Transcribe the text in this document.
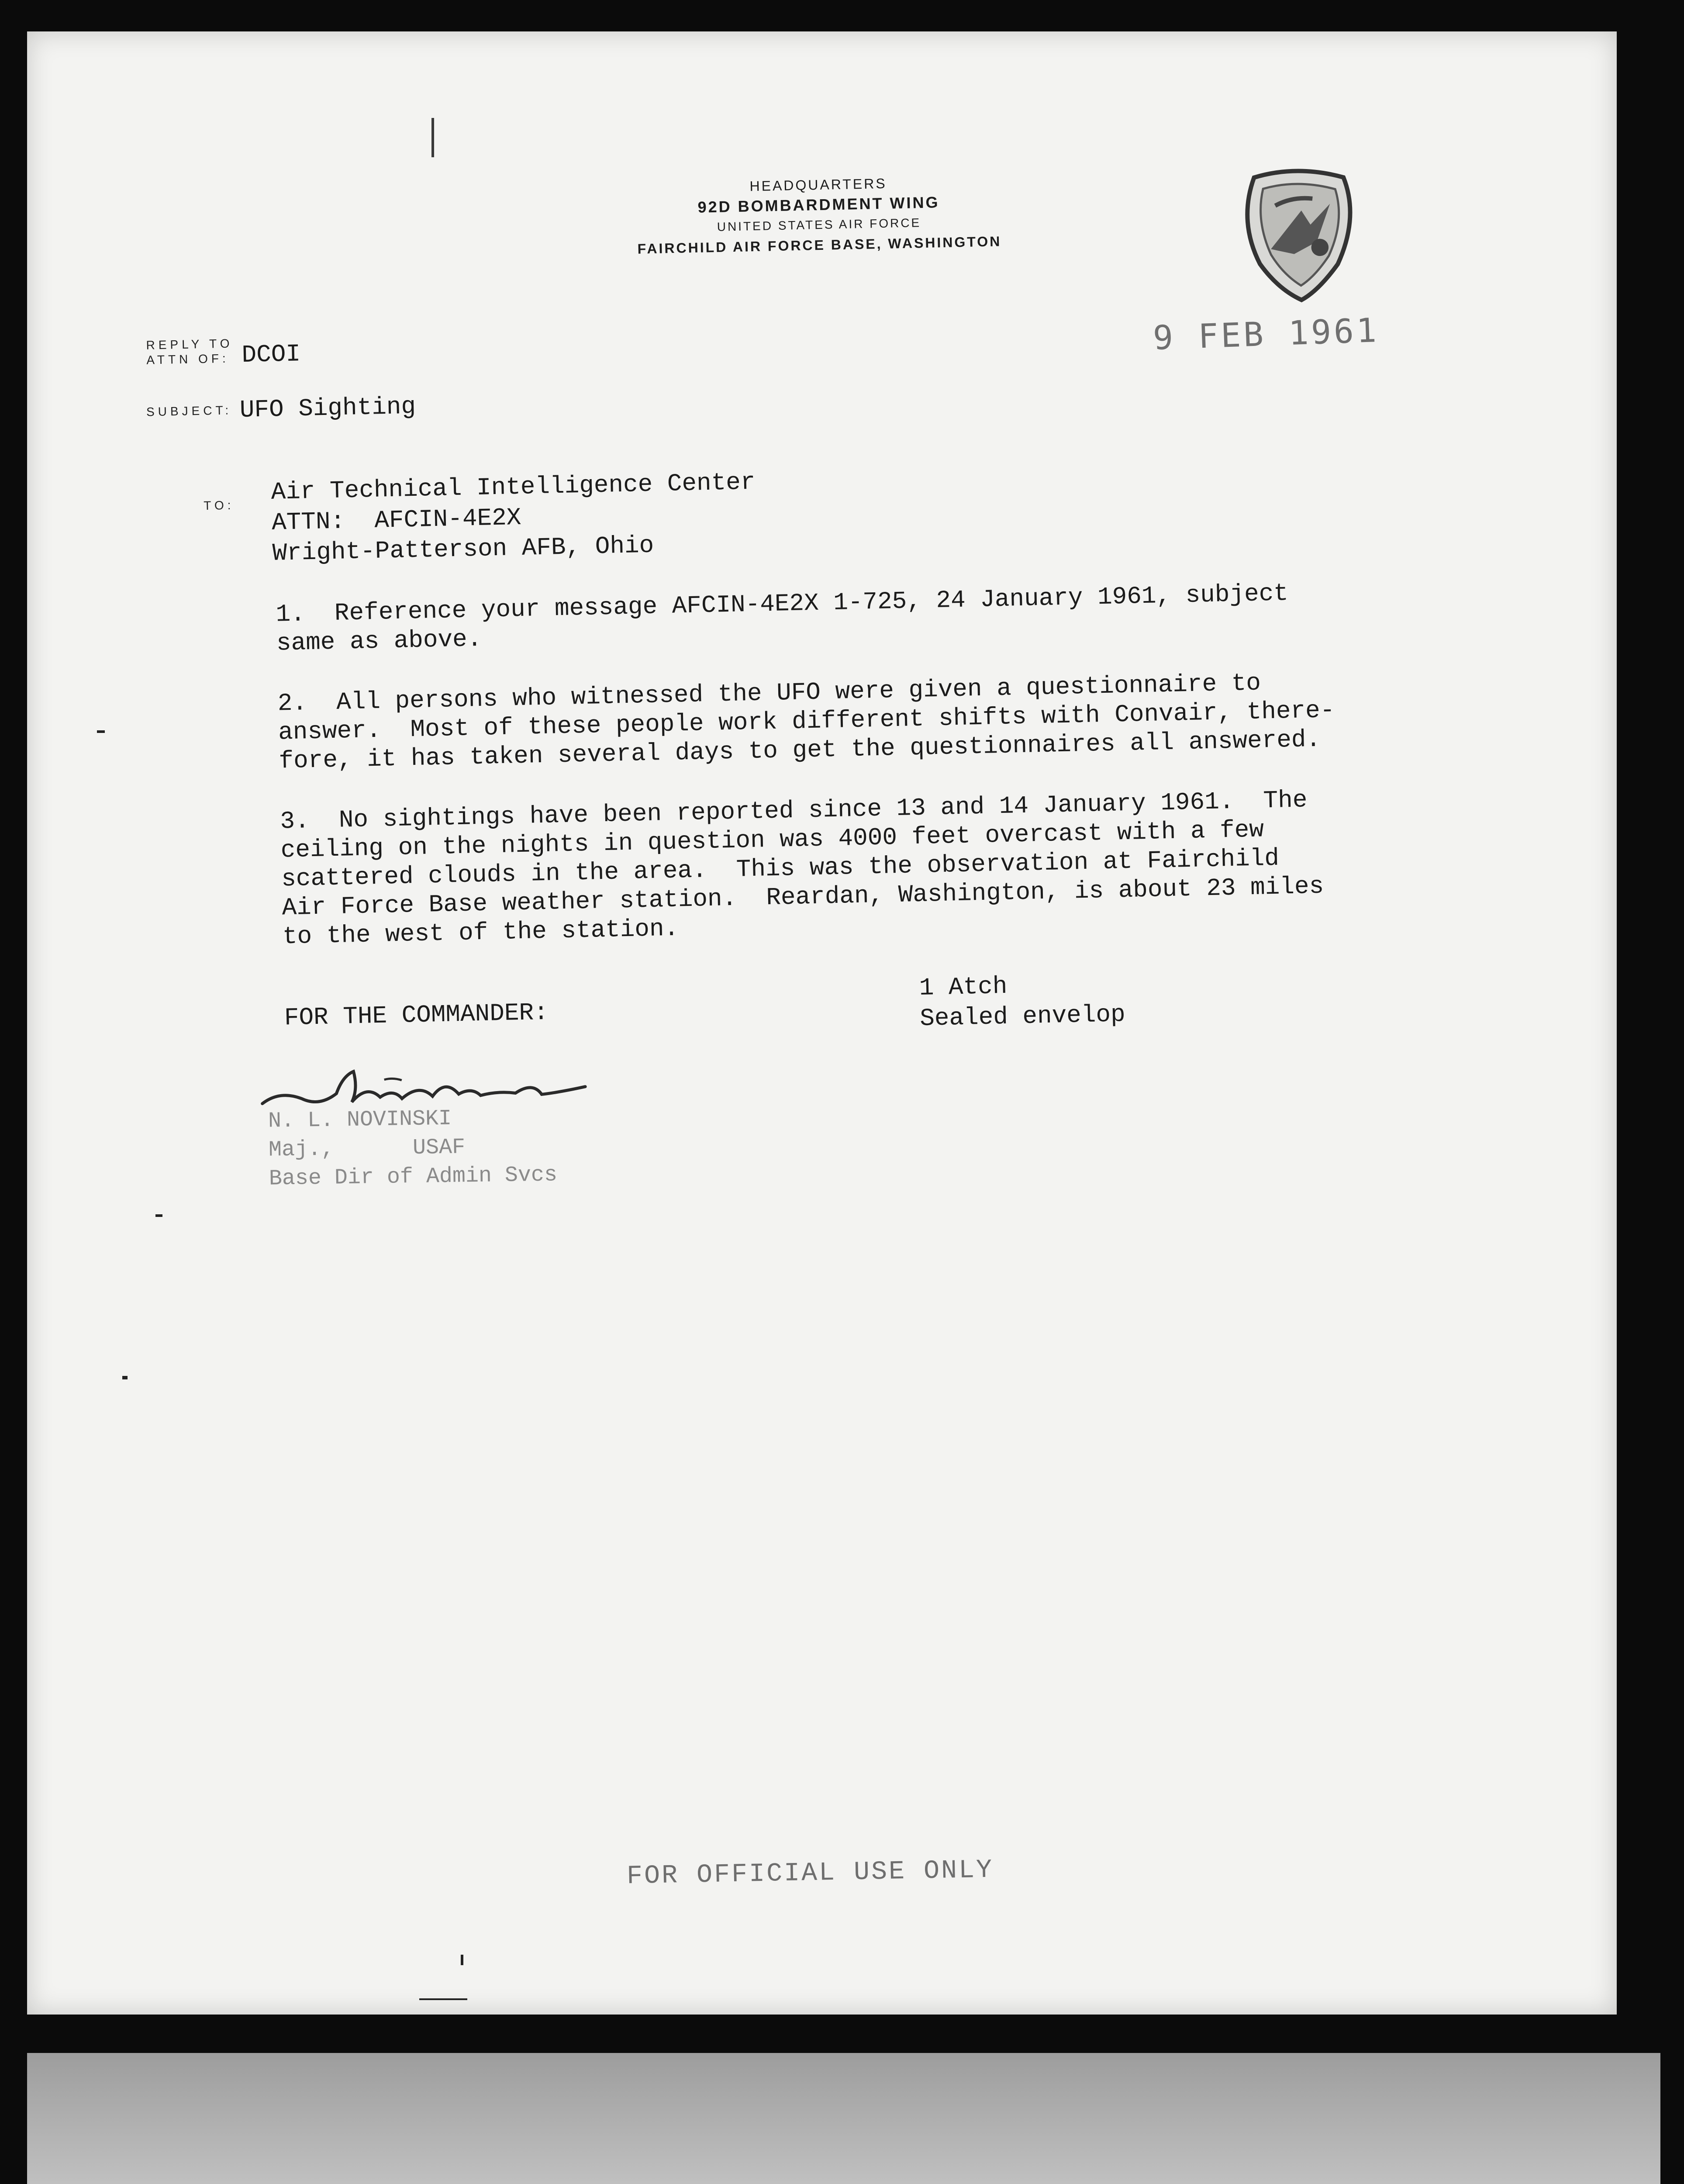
HEADQUARTERS
92D BOMBARDMENT WING
UNITED STATES AIR FORCE
FAIRCHILD AIR FORCE BASE, WASHINGTON
9 FEB 1961
REPLY TO
ATTN OF: DCOI
SUBJECT: UFO Sighting
TO: Air Technical Intelligence Center
ATTN:  AFCIN-4E2X
Wright-Patterson AFB, Ohio
1.  Reference your message AFCIN-4E2X 1-725, 24 January 1961, subject
same as above.
2.  All persons who witnessed the UFO were given a questionnaire to
answer.  Most of these people work different shifts with Convair, there-
fore, it has taken several days to get the questionnaires all answered.
3.  No sightings have been reported since 13 and 14 January 1961.  The
ceiling on the nights in question was 4000 feet overcast with a few
scattered clouds in the area.  This was the observation at Fairchild
Air Force Base weather station.  Reardan, Washington, is about 23 miles
to the west of the station.
FOR THE COMMANDER:
1 Atch
Sealed envelop
N. L. NOVINSKI
Maj.,      USAF
Base Dir of Admin Svcs
FOR OFFICIAL USE ONLY
